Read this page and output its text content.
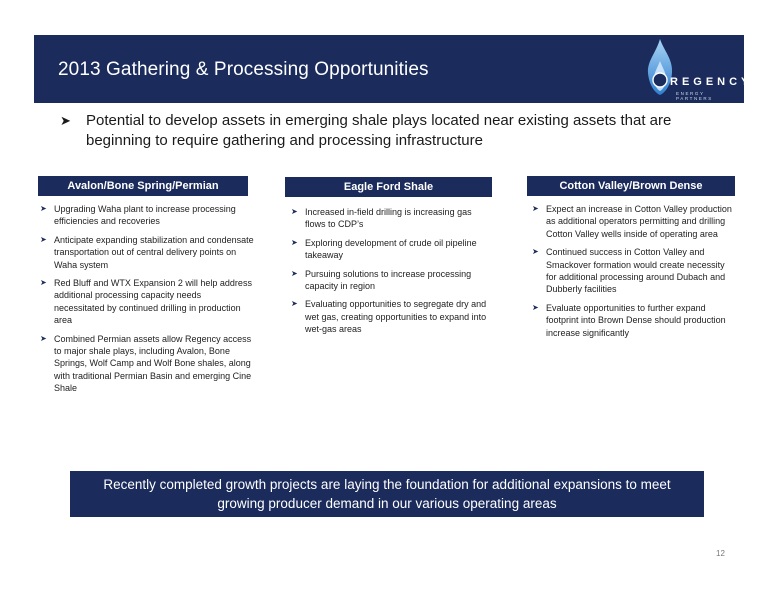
2013 Gathering & Processing Opportunities
REGENCY
ENERGY PARTNERS
➤	Potential to develop assets in emerging shale plays located near existing assets that are beginning to require gathering and processing infrastructure
Avalon/Bone Spring/Permian
➤ Upgrading Waha plant to increase processing efficiencies and recoveries
➤ Anticipate expanding stabilization and condensate transportation out of central delivery points on Waha system
➤ Red Bluff and WTX Expansion 2 will help address additional processing capacity needs necessitated by continued drilling in production area
➤ Combined Permian assets allow Regency access to major shale plays, including Avalon, Bone Springs, Wolf Camp and Wolf Bone shales, along with traditional Permian Basin and emerging Cine Shale
Eagle Ford Shale
➤ Increased in-field drilling is increasing gas flows to CDP’s
➤ Exploring development of crude oil pipeline takeaway
➤ Pursuing solutions to increase processing capacity in region
➤ Evaluating opportunities to segregate dry and wet gas, creating opportunities to expand into wet-gas areas
Cotton Valley/Brown Dense
➤ Expect an increase in Cotton Valley production as additional operators permitting and drilling Cotton Valley wells inside of operating area
➤ Continued success in Cotton Valley and Smackover formation would create necessity for additional processing around Dubach and Dubberly facilities
➤ Evaluate opportunities to further expand footprint into Brown Dense should production increase significantly
Recently completed growth projects are laying the foundation for additional expansions to meet growing producer demand in our various operating areas
12
